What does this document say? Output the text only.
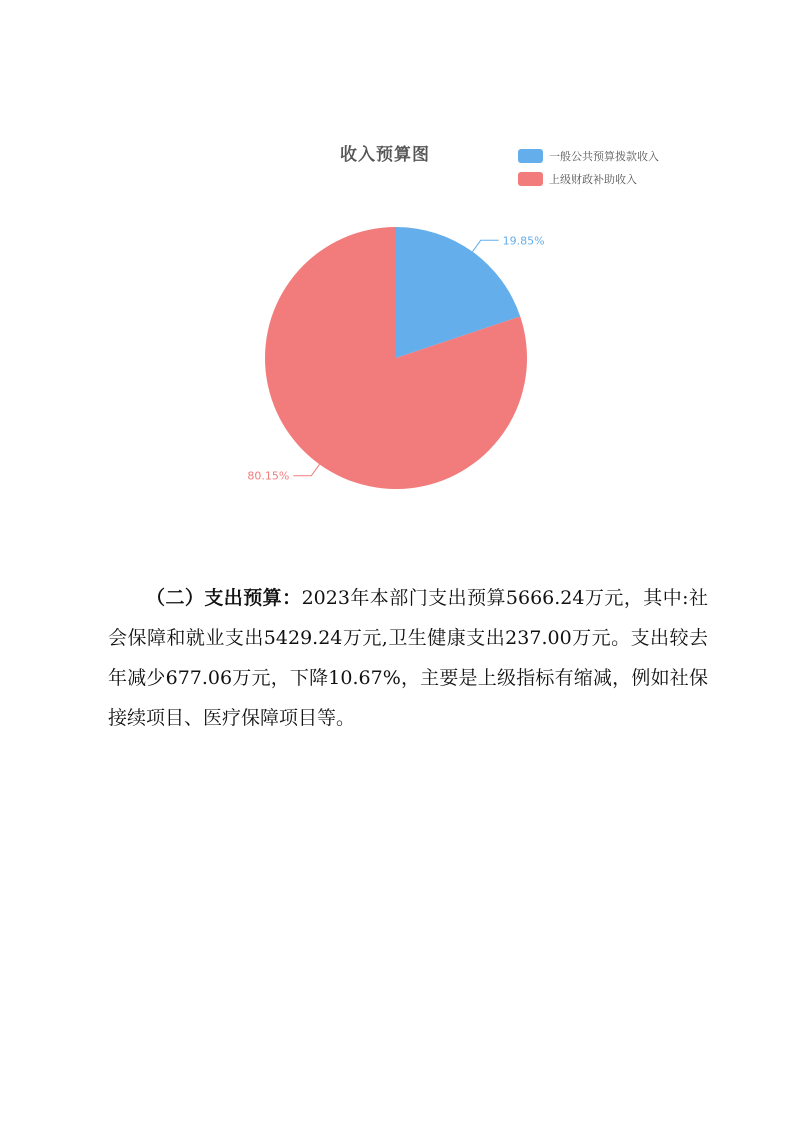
收入预算图	一般公共预算拨款收入
上级财政补助收入
19.85%
80.15%

（二）支出预算：2023年本部门支出预算5666.24万元，其中:社会保障和就业支出5429.24万元,卫生健康支出237.00万元。支出较去年减少677.06万元，下降10.67%，主要是上级指标有缩减，例如社保接续项目、医疗保障项目等。
